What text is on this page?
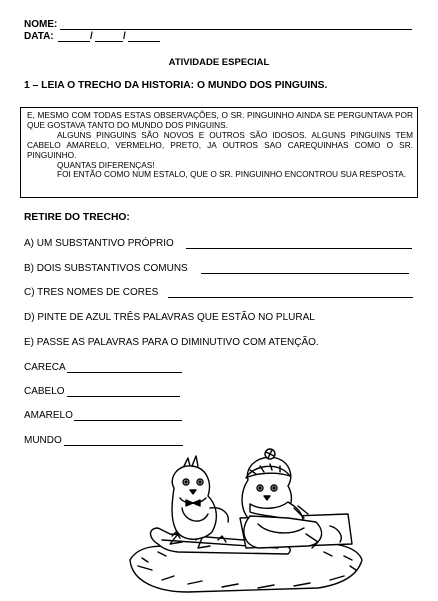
NOME:
DATA:	/	/
ATIVIDADE ESPECIAL
1 – LEIA O TRECHO DA HISTORIA: O MUNDO DOS PINGUINS.

E, MESMO COM TODAS ESTAS OBSERVAÇÕES, O SR. PINGUINHO AINDA SE PERGUNTAVA POR QUE GOSTAVA TANTO DO MUNDO DOS PINGUINS.

ALGUNS PINGUINS SÃO NOVOS E OUTROS SÃO IDOSOS. ALGUNS PINGUINS TEM CABELO AMARELO, VERMELHO, PRETO, JA OUTROS SAO CAREQUINHAS COMO O SR. PINGUINHO.

QUANTAS DIFERENÇAS!

FOI ENTÃO COMO NUM ESTALO, QUE O SR. PINGUINHO ENCONTROU SUA RESPOSTA.

RETIRE DO TRECHO:
A) UM SUBSTANTIVO PRÓPRIO
B) DOIS SUBSTANTIVOS COMUNS
C) TRES NOMES DE CORES
D) PINTE DE AZUL TRÊS PALAVRAS QUE ESTÃO NO PLURAL
E) PASSE AS PALAVRAS PARA O DIMINUTIVO COM ATENÇÃO.
CARECA
CABELO
AMARELO
MUNDO
